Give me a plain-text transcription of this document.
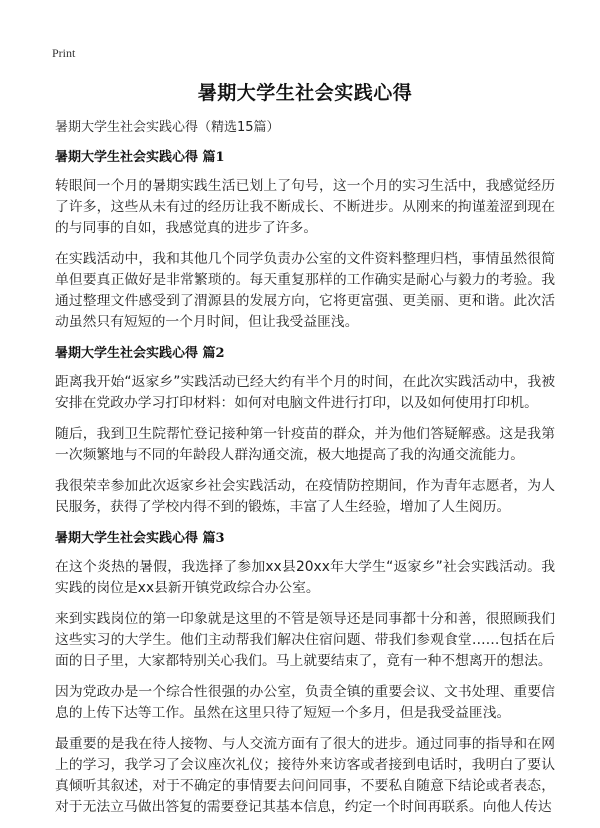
Print
暑期大学生社会实践心得

暑期大学生社会实践心得（精选15篇）

暑期大学生社会实践心得 篇1

转眼间一个月的暑期实践生活已划上了句号，这一个月的实习生活中，我感觉经历了许多，这些从未有过的经历让我不断成长、不断进步。从刚来的拘谨羞涩到现在的与同事的自如，我感觉真的进步了许多。

在实践活动中，我和其他几个同学负责办公室的文件资料整理归档，事情虽然很简单但要真正做好是非常繁琐的。每天重复那样的工作确实是耐心与毅力的考验。我通过整理文件感受到了渭源县的发展方向，它将更富强、更美丽、更和谐。此次活动虽然只有短短的一个月时间，但让我受益匪浅。

暑期大学生社会实践心得 篇2

距离我开始“返家乡”实践活动已经大约有半个月的时间，在此次实践活动中，我被安排在党政办学习打印材料：如何对电脑文件进行打印，以及如何使用打印机。

随后，我到卫生院帮忙登记接种第一针疫苗的群众，并为他们答疑解惑。这是我第一次频繁地与不同的年龄段人群沟通交流，极大地提高了我的沟通交流能力。

我很荣幸参加此次返家乡社会实践活动，在疫情防控期间，作为青年志愿者，为人民服务，获得了学校内得不到的锻炼，丰富了人生经验，增加了人生阅历。

暑期大学生社会实践心得 篇3

在这个炎热的暑假，我选择了参加xx县20xx年大学生“返家乡”社会实践活动。我实践的岗位是xx县新开镇党政综合办公室。

来到实践岗位的第一印象就是这里的不管是领导还是同事都十分和善，很照顾我们这些实习的大学生。他们主动帮我们解决住宿问题、带我们参观食堂……包括在后面的日子里，大家都特别关心我们。马上就要结束了，竟有一种不想离开的想法。

因为党政办是一个综合性很强的办公室，负责全镇的重要会议、文书处理、重要信息的上传下达等工作。虽然在这里只待了短短一个多月，但是我受益匪浅。

最重要的是我在待人接物、与人交流方面有了很大的进步。通过同事的指导和在网上的学习，我学习了会议座次礼仪；接待外来访客或者接到电话时，我明白了要认真倾听其叙述，对于不确定的事情要去问问同事，不要私自随意下结论或者表态，对于无法立马做出答复的需要登记其基本信息，约定一个时间再联系。向他人传达
